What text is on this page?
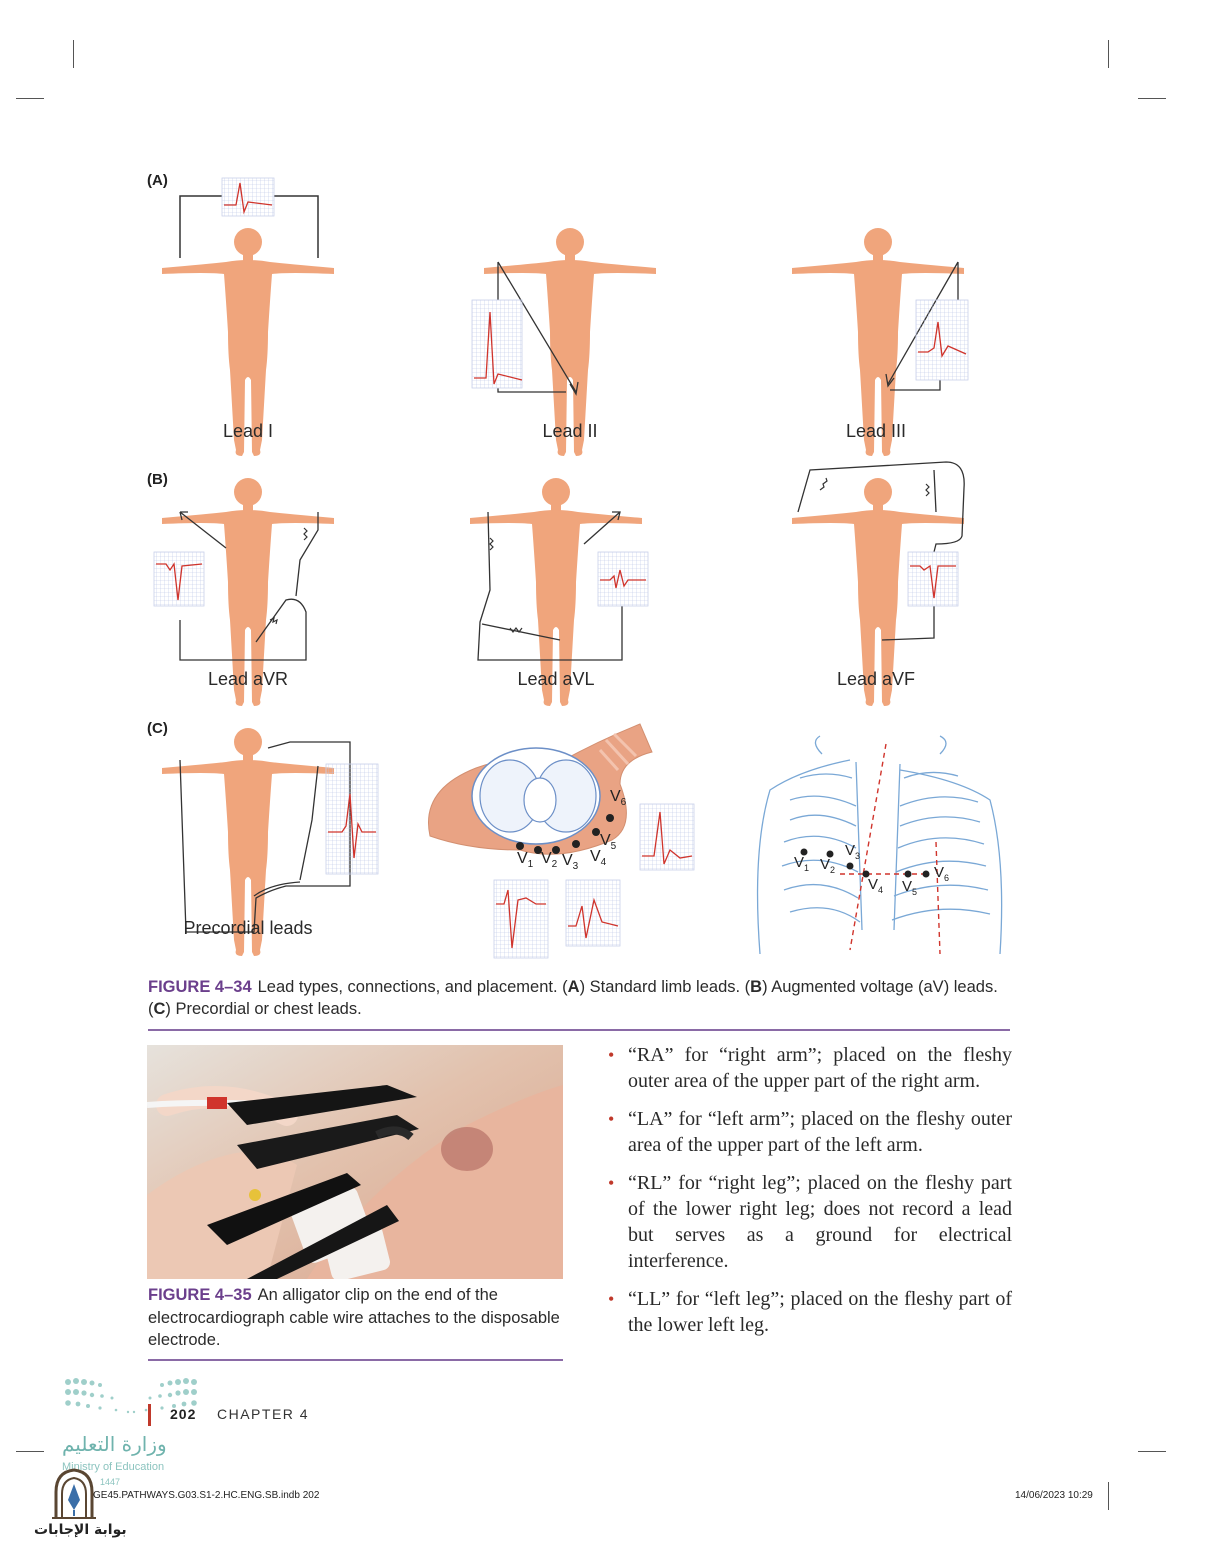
(A)
(B)
(C)
Lead I	Lead II	Lead III
Lead aVR	Lead aVL	Lead aVF
Precordial leads
$V_1$ $V_2$ $V_3$
$V_4$
$V_5$
$V_6$
$V_1$ $V_2$
$V_3$
$V_4$ $V_5$
$V_6$
FIGURE 4–34 Lead types, connections, and placement. (A) Standard limb leads. (B) Augmented voltage (aV) leads. (C) Precordial or chest leads.
FIGURE 4–35 An alligator clip on the end of the electrocardiograph cable wire attaches to the disposable electrode.
• “RA” for “right arm”; placed on the fleshy outer area of the upper part of the right arm.
• “LA” for “left arm”; placed on the fleshy outer area of the upper part of the left arm.
• “RL” for “right leg”; placed on the fleshy part of the lower right leg; does not record a lead but serves as a ground for electrical interference.
• “LL” for “left leg”; placed on the fleshy part of the lower left leg.
202 CHAPTER 4
وزارة التعليم
Ministry of Education
1447
GE45.PATHWAYS.G03.S1-2.HC.ENG.SB.indb 202	14/06/2023 10:29
بوابة الإجابات
